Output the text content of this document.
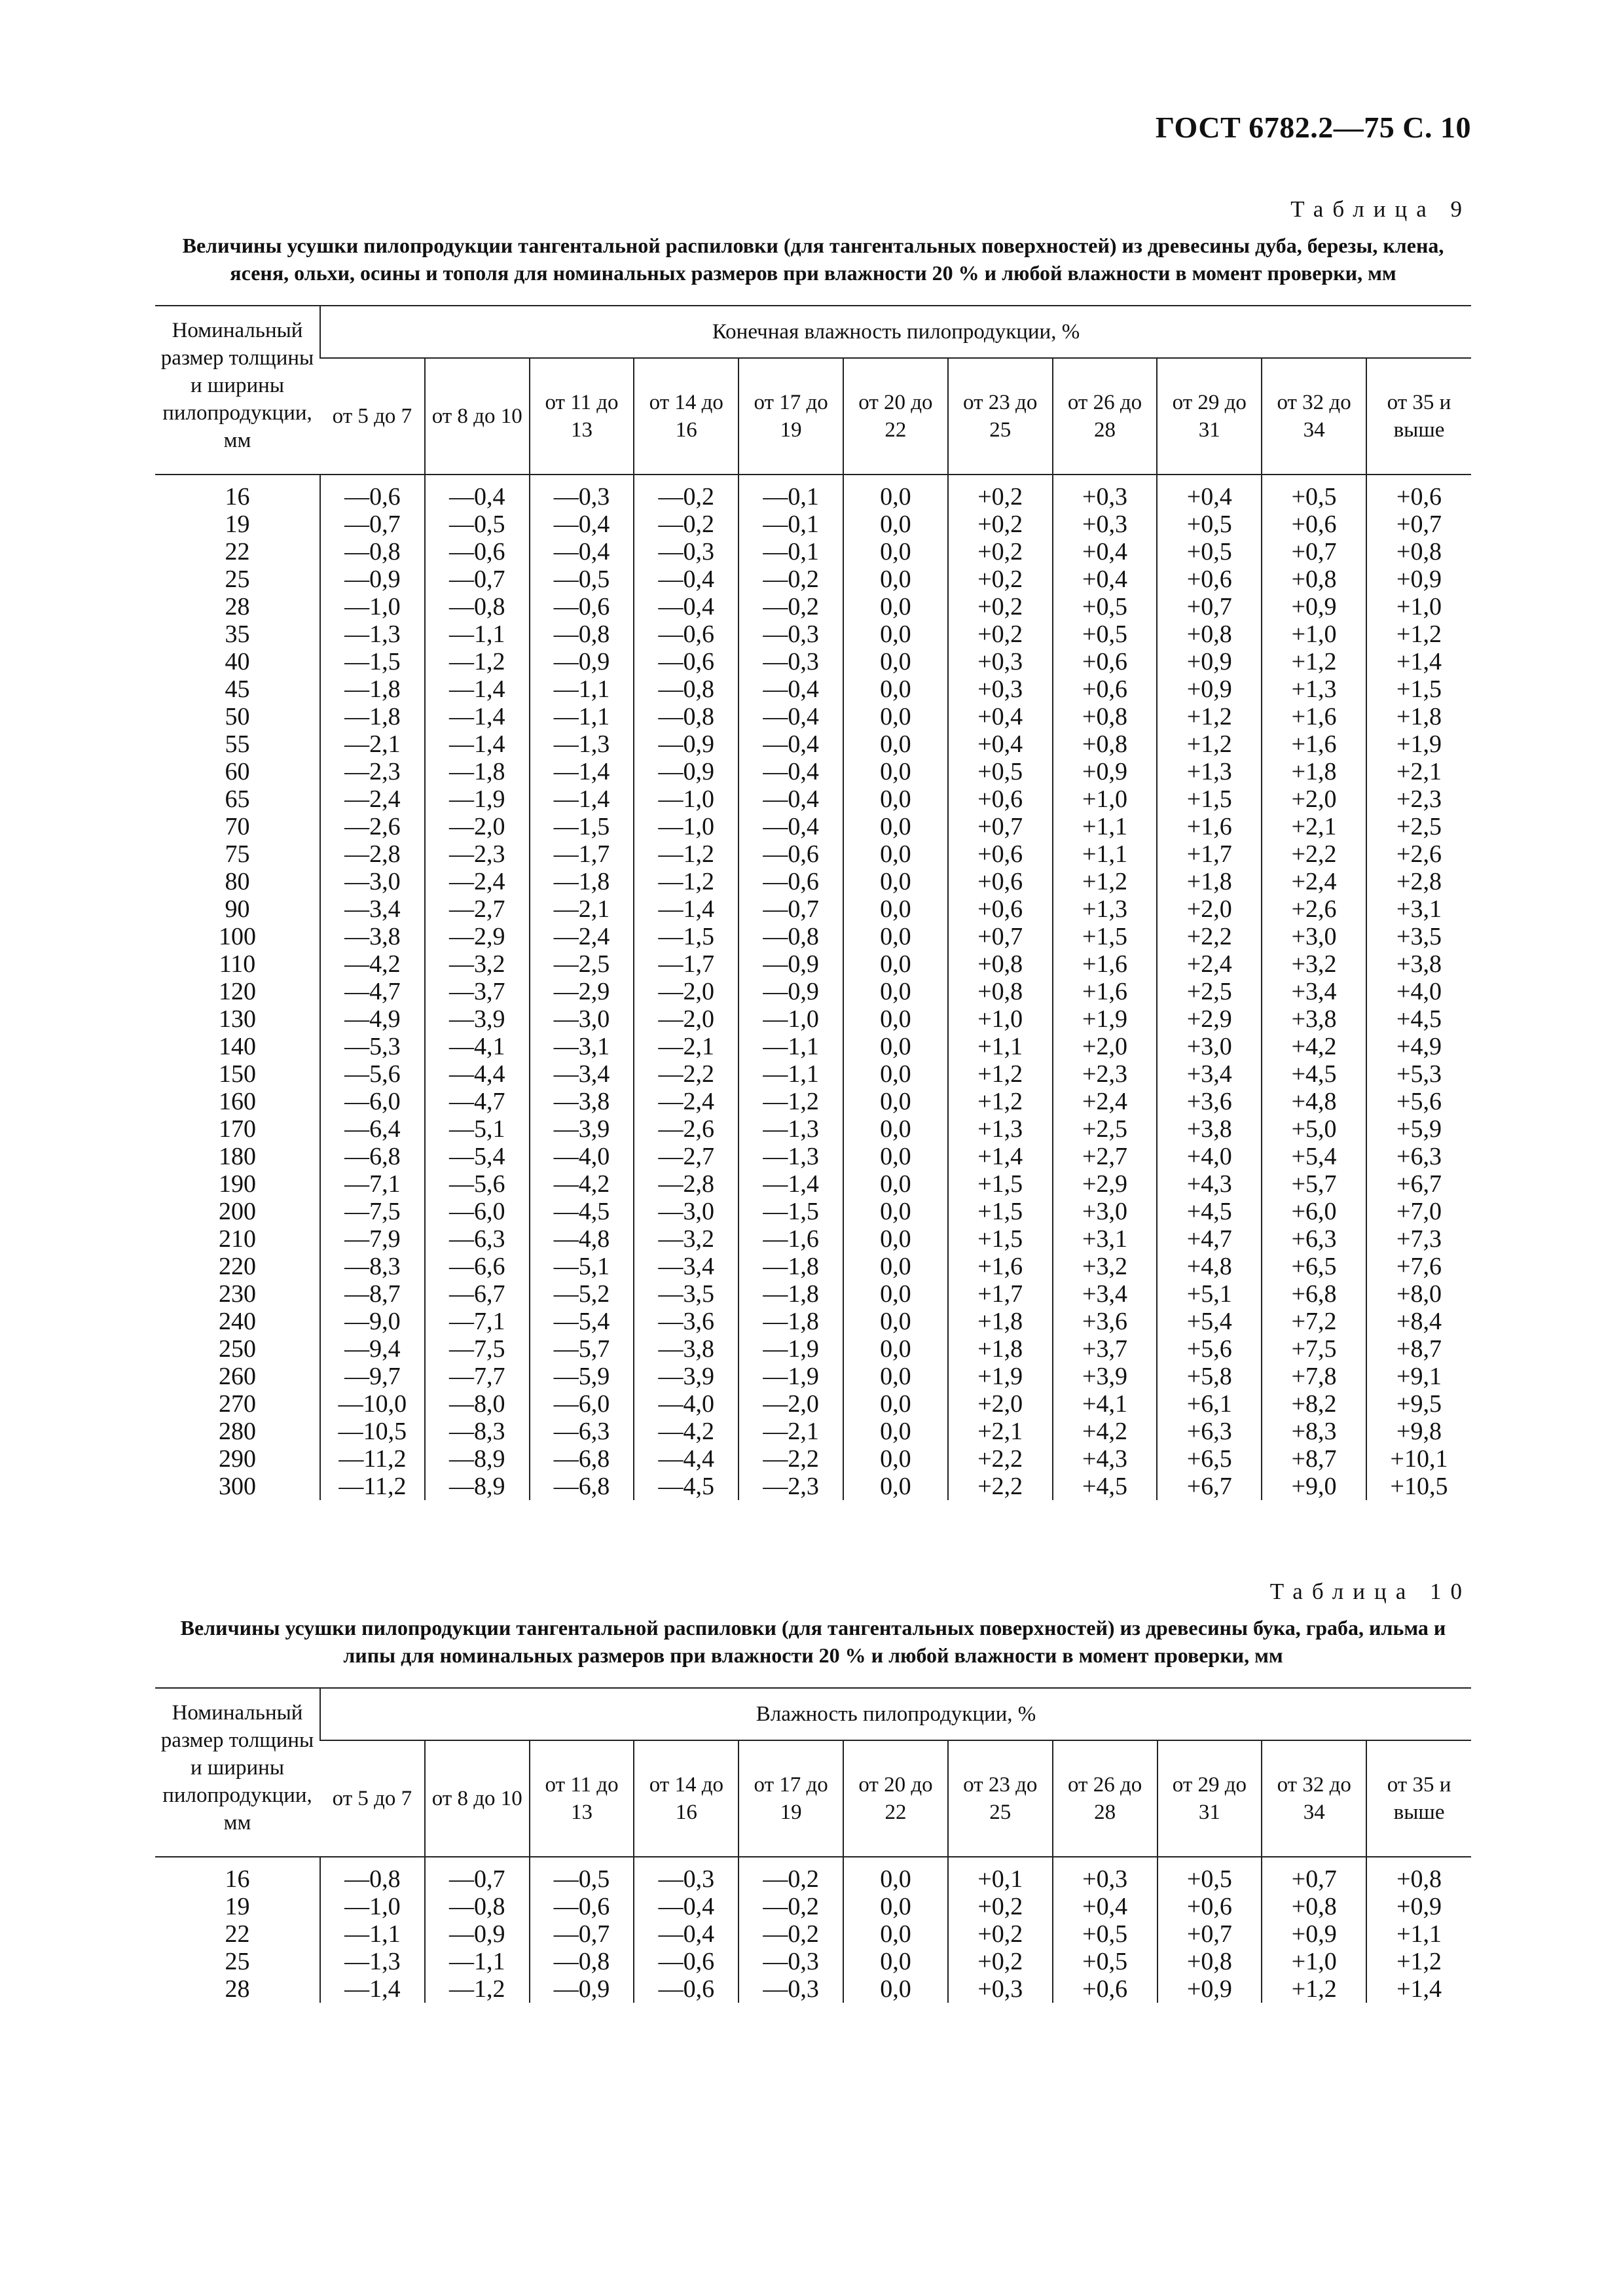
ГОСТ 6782.2—75 С. 10
Таблица 9
Величины усушки пилопродукции тангентальной распиловки (для тангентальных поверхностей) из древесины дуба, березы, клена, ясеня, ольхи, осины и тополя для номинальных размеров при влажности 20 % и любой влажности в момент проверки, мм
Номинальный размер толщины и ширины пилопродукции, мм	Конечная влажность пилопродукции, %										
	от 5 до 7	от 8 до 10	от 11 до 13	от 14 до 16	от 17 до 19	от 20 до 22	от 23 до 25	от 26 до 28	от 29 до 31	от 32 до 34	от 35 и выше
16	—0,6	—0,4	—0,3	—0,2	—0,1	0,0	+0,2	+0,3	+0,4	+0,5	+0,6
19	—0,7	—0,5	—0,4	—0,2	—0,1	0,0	+0,2	+0,3	+0,5	+0,6	+0,7
22	—0,8	—0,6	—0,4	—0,3	—0,1	0,0	+0,2	+0,4	+0,5	+0,7	+0,8
25	—0,9	—0,7	—0,5	—0,4	—0,2	0,0	+0,2	+0,4	+0,6	+0,8	+0,9
28	—1,0	—0,8	—0,6	—0,4	—0,2	0,0	+0,2	+0,5	+0,7	+0,9	+1,0
35	—1,3	—1,1	—0,8	—0,6	—0,3	0,0	+0,2	+0,5	+0,8	+1,0	+1,2
40	—1,5	—1,2	—0,9	—0,6	—0,3	0,0	+0,3	+0,6	+0,9	+1,2	+1,4
45	—1,8	—1,4	—1,1	—0,8	—0,4	0,0	+0,3	+0,6	+0,9	+1,3	+1,5
50	—1,8	—1,4	—1,1	—0,8	—0,4	0,0	+0,4	+0,8	+1,2	+1,6	+1,8
55	—2,1	—1,4	—1,3	—0,9	—0,4	0,0	+0,4	+0,8	+1,2	+1,6	+1,9
60	—2,3	—1,8	—1,4	—0,9	—0,4	0,0	+0,5	+0,9	+1,3	+1,8	+2,1
65	—2,4	—1,9	—1,4	—1,0	—0,4	0,0	+0,6	+1,0	+1,5	+2,0	+2,3
70	—2,6	—2,0	—1,5	—1,0	—0,4	0,0	+0,7	+1,1	+1,6	+2,1	+2,5
75	—2,8	—2,3	—1,7	—1,2	—0,6	0,0	+0,6	+1,1	+1,7	+2,2	+2,6
80	—3,0	—2,4	—1,8	—1,2	—0,6	0,0	+0,6	+1,2	+1,8	+2,4	+2,8
90	—3,4	—2,7	—2,1	—1,4	—0,7	0,0	+0,6	+1,3	+2,0	+2,6	+3,1
100	—3,8	—2,9	—2,4	—1,5	—0,8	0,0	+0,7	+1,5	+2,2	+3,0	+3,5
110	—4,2	—3,2	—2,5	—1,7	—0,9	0,0	+0,8	+1,6	+2,4	+3,2	+3,8
120	—4,7	—3,7	—2,9	—2,0	—0,9	0,0	+0,8	+1,6	+2,5	+3,4	+4,0
130	—4,9	—3,9	—3,0	—2,0	—1,0	0,0	+1,0	+1,9	+2,9	+3,8	+4,5
140	—5,3	—4,1	—3,1	—2,1	—1,1	0,0	+1,1	+2,0	+3,0	+4,2	+4,9
150	—5,6	—4,4	—3,4	—2,2	—1,1	0,0	+1,2	+2,3	+3,4	+4,5	+5,3
160	—6,0	—4,7	—3,8	—2,4	—1,2	0,0	+1,2	+2,4	+3,6	+4,8	+5,6
170	—6,4	—5,1	—3,9	—2,6	—1,3	0,0	+1,3	+2,5	+3,8	+5,0	+5,9
180	—6,8	—5,4	—4,0	—2,7	—1,3	0,0	+1,4	+2,7	+4,0	+5,4	+6,3
190	—7,1	—5,6	—4,2	—2,8	—1,4	0,0	+1,5	+2,9	+4,3	+5,7	+6,7
200	—7,5	—6,0	—4,5	—3,0	—1,5	0,0	+1,5	+3,0	+4,5	+6,0	+7,0
210	—7,9	—6,3	—4,8	—3,2	—1,6	0,0	+1,5	+3,1	+4,7	+6,3	+7,3
220	—8,3	—6,6	—5,1	—3,4	—1,8	0,0	+1,6	+3,2	+4,8	+6,5	+7,6
230	—8,7	—6,7	—5,2	—3,5	—1,8	0,0	+1,7	+3,4	+5,1	+6,8	+8,0
240	—9,0	—7,1	—5,4	—3,6	—1,8	0,0	+1,8	+3,6	+5,4	+7,2	+8,4
250	—9,4	—7,5	—5,7	—3,8	—1,9	0,0	+1,8	+3,7	+5,6	+7,5	+8,7
260	—9,7	—7,7	—5,9	—3,9	—1,9	0,0	+1,9	+3,9	+5,8	+7,8	+9,1
270	—10,0	—8,0	—6,0	—4,0	—2,0	0,0	+2,0	+4,1	+6,1	+8,2	+9,5
280	—10,5	—8,3	—6,3	—4,2	—2,1	0,0	+2,1	+4,2	+6,3	+8,3	+9,8
290	—11,2	—8,9	—6,8	—4,4	—2,2	0,0	+2,2	+4,3	+6,5	+8,7	+10,1
300	—11,2	—8,9	—6,8	—4,5	—2,3	0,0	+2,2	+4,5	+6,7	+9,0	+10,5
Таблица 10
Величины усушки пилопродукции тангентальной распиловки (для тангентальных поверхностей) из древесины бука, граба, ильма и липы для номинальных размеров при влажности 20 % и любой влажности в момент проверки, мм
Номинальный размер толщины и ширины пилопродукции, мм	Влажность пилопродукции, %										
	от 5 до 7	от 8 до 10	от 11 до 13	от 14 до 16	от 17 до 19	от 20 до 22	от 23 до 25	от 26 до 28	от 29 до 31	от 32 до 34	от 35 и выше
16	—0,8	—0,7	—0,5	—0,3	—0,2	0,0	+0,1	+0,3	+0,5	+0,7	+0,8
19	—1,0	—0,8	—0,6	—0,4	—0,2	0,0	+0,2	+0,4	+0,6	+0,8	+0,9
22	—1,1	—0,9	—0,7	—0,4	—0,2	0,0	+0,2	+0,5	+0,7	+0,9	+1,1
25	—1,3	—1,1	—0,8	—0,6	—0,3	0,0	+0,2	+0,5	+0,8	+1,0	+1,2
28	—1,4	—1,2	—0,9	—0,6	—0,3	0,0	+0,3	+0,6	+0,9	+1,2	+1,4
